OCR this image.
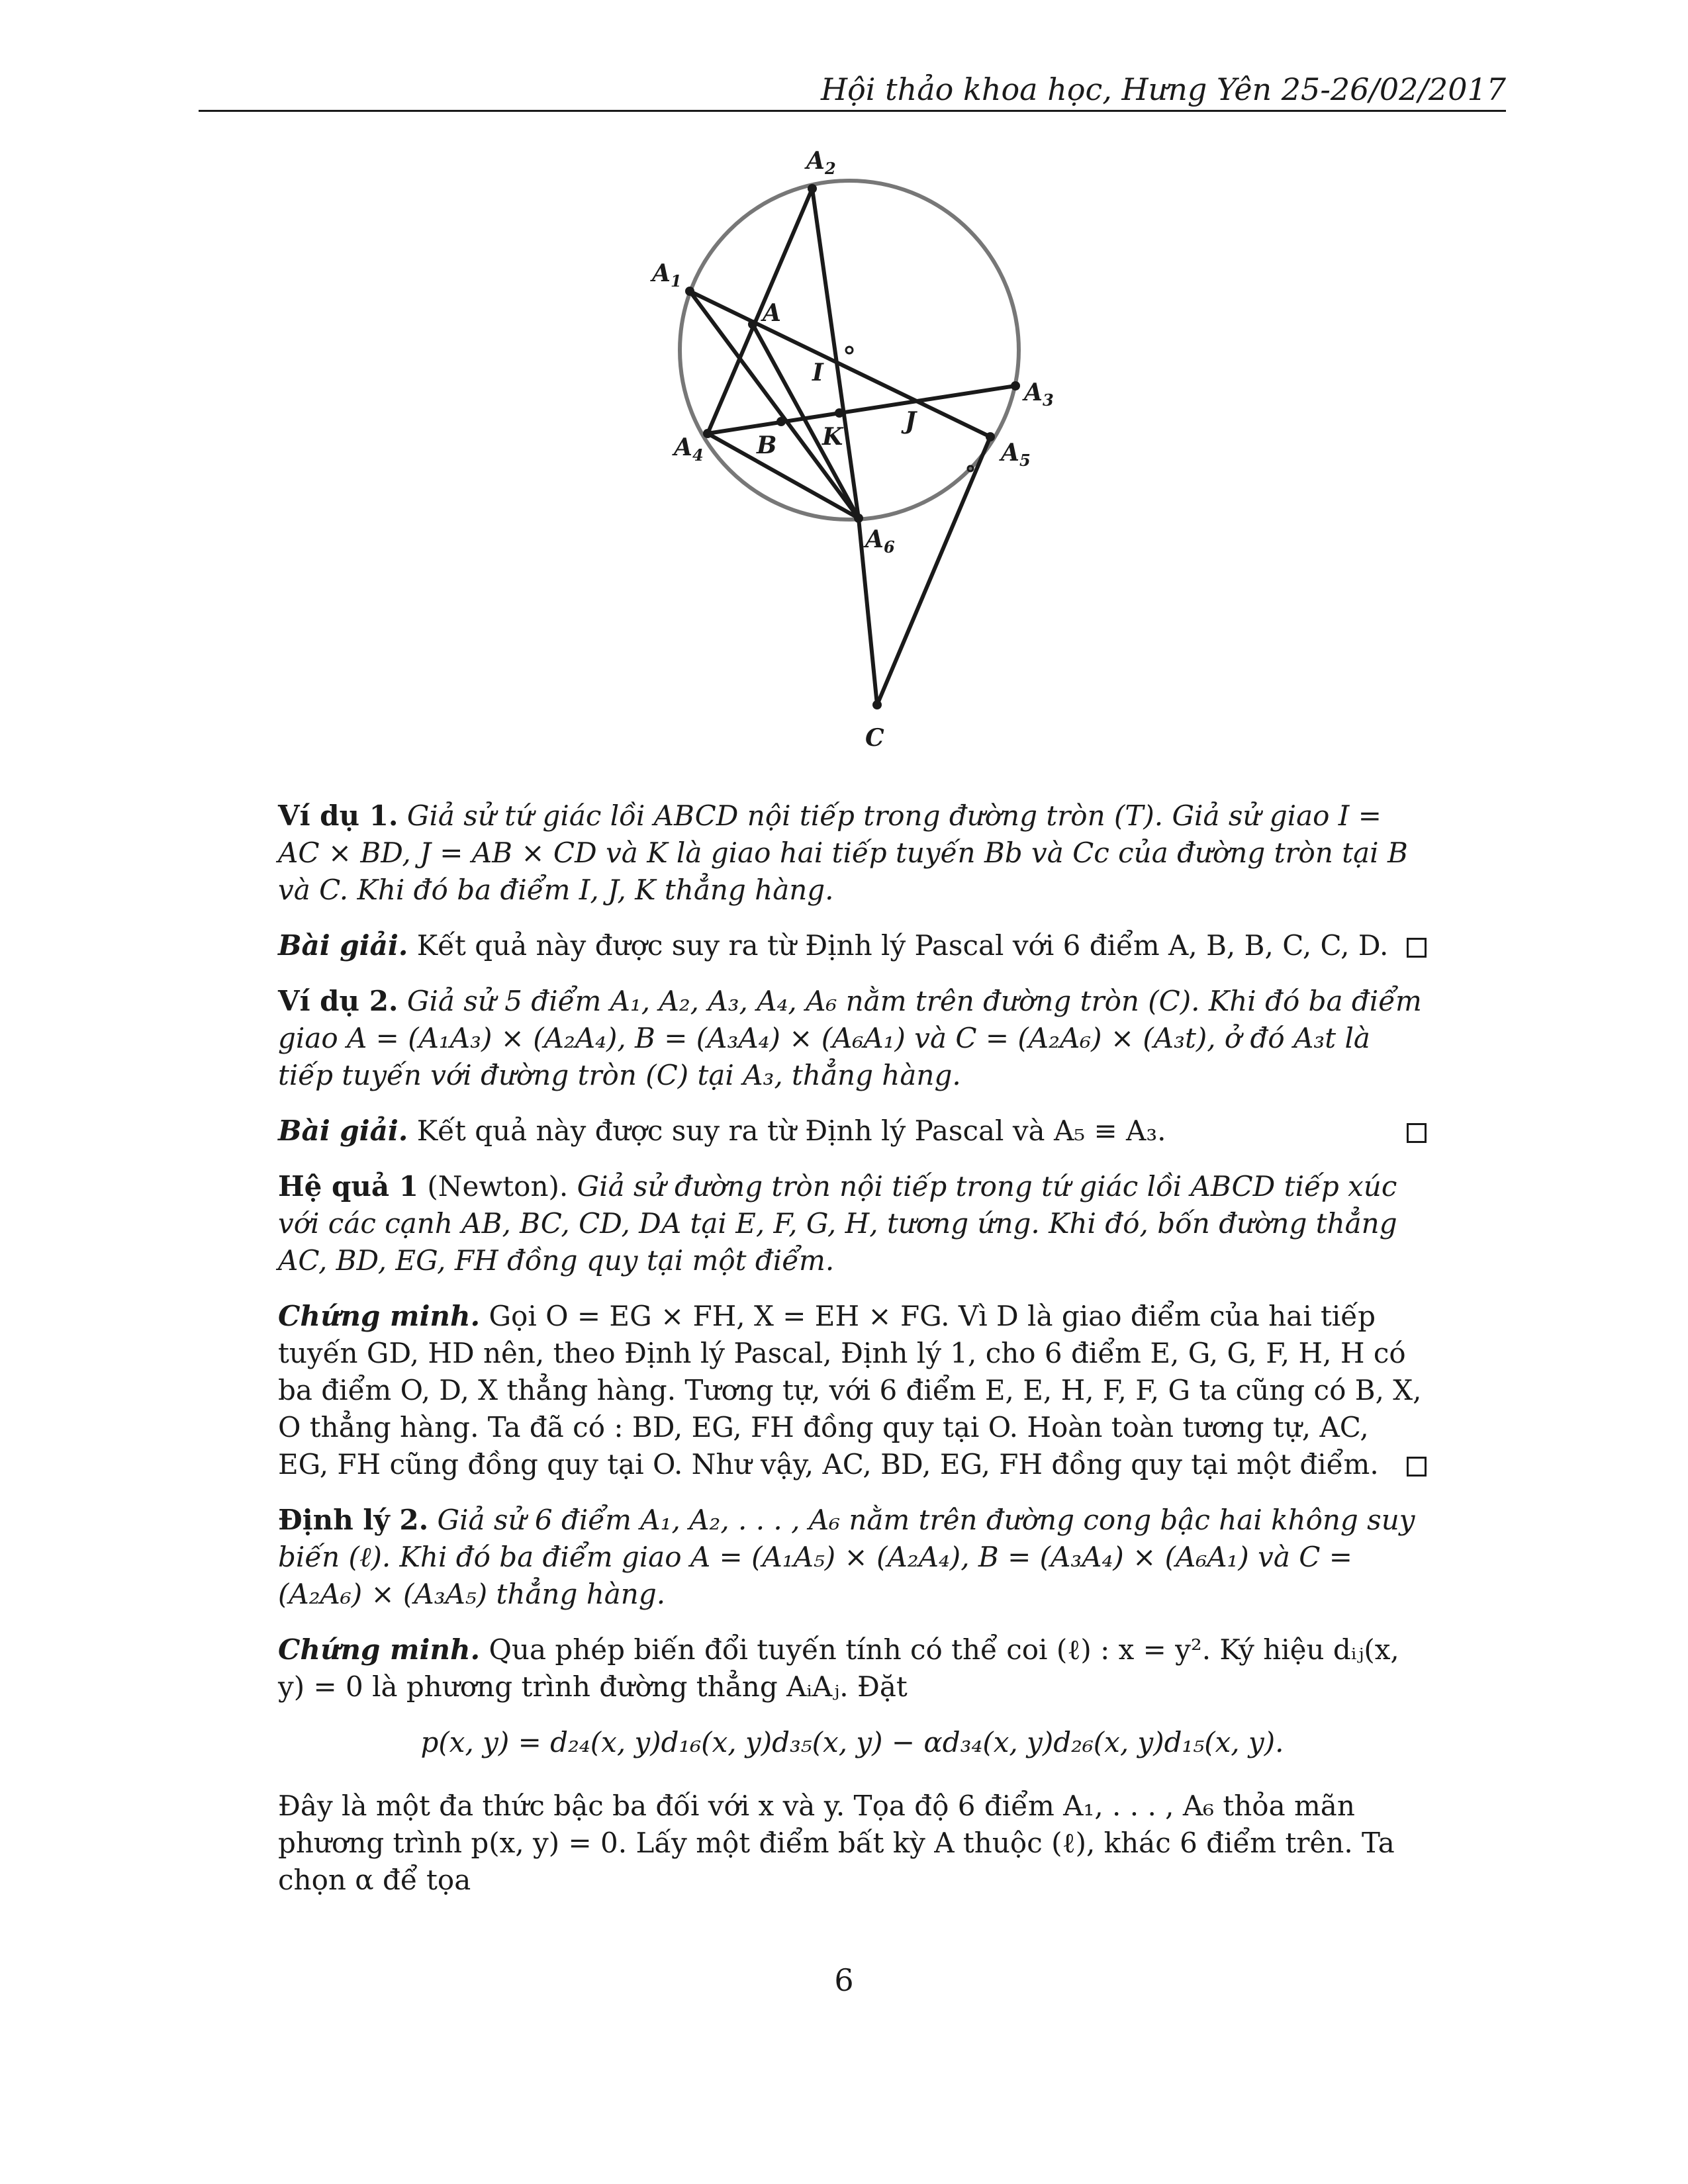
Hội thảo khoa học, Hưng Yên 25-26/02/2017
$A_2$
$A_1$
$A_3$
$A_4$	$A_5$
$A_6$
A
B
C
I
J
K
Ví dụ 1. Giả sử tứ giác lồi ABCD nội tiếp trong đường tròn (T). Giả sử giao I = AC × BD, J = AB × CD và K là giao hai tiếp tuyến Bb và Cc của đường tròn tại B và C. Khi đó ba điểm I, J, K thẳng hàng.
Bài giải. Kết quả này được suy ra từ Định lý Pascal với 6 điểm A, B, B, C, C, D.
Ví dụ 2. Giả sử 5 điểm A₁, A₂, A₃, A₄, A₆ nằm trên đường tròn (C). Khi đó ba điểm giao A = (A₁A₃) × (A₂A₄), B = (A₃A₄) × (A₆A₁) và C = (A₂A₆) × (A₃t), ở đó A₃t là tiếp tuyến với đường tròn (C) tại A₃, thẳng hàng.
Bài giải. Kết quả này được suy ra từ Định lý Pascal và A₅ ≡ A₃.
Hệ quả 1 (Newton). Giả sử đường tròn nội tiếp trong tứ giác lồi ABCD tiếp xúc với các cạnh AB, BC, CD, DA tại E, F, G, H, tương ứng. Khi đó, bốn đường thẳng AC, BD, EG, FH đồng quy tại một điểm.
Chứng minh. Gọi O = EG × FH, X = EH × FG. Vì D là giao điểm của hai tiếp tuyến GD, HD nên, theo Định lý Pascal, Định lý 1, cho 6 điểm E, G, G, F, H, H có ba điểm O, D, X thẳng hàng. Tương tự, với 6 điểm E, E, H, F, F, G ta cũng có B, X, O thẳng hàng. Ta đã có : BD, EG, FH đồng quy tại O. Hoàn toàn tương tự, AC, EG, FH cũng đồng quy tại O. Như vậy, AC, BD, EG, FH đồng quy tại một điểm.
Định lý 2. Giả sử 6 điểm A₁, A₂, . . . , A₆ nằm trên đường cong bậc hai không suy biến (ℓ). Khi đó ba điểm giao A = (A₁A₅) × (A₂A₄), B = (A₃A₄) × (A₆A₁) và C = (A₂A₆) × (A₃A₅) thẳng hàng.
Chứng minh. Qua phép biến đổi tuyến tính có thể coi (ℓ) : x = y². Ký hiệu dᵢⱼ(x, y) = 0 là phương trình đường thẳng AᵢAⱼ. Đặt
p(x, y) = d₂₄(x, y)d₁₆(x, y)d₃₅(x, y) − αd₃₄(x, y)d₂₆(x, y)d₁₅(x, y).
Đây là một đa thức bậc ba đối với x và y. Tọa độ 6 điểm A₁, . . . , A₆ thỏa mãn phương trình p(x, y) = 0. Lấy một điểm bất kỳ A thuộc (ℓ), khác 6 điểm trên. Ta chọn α để tọa
6
